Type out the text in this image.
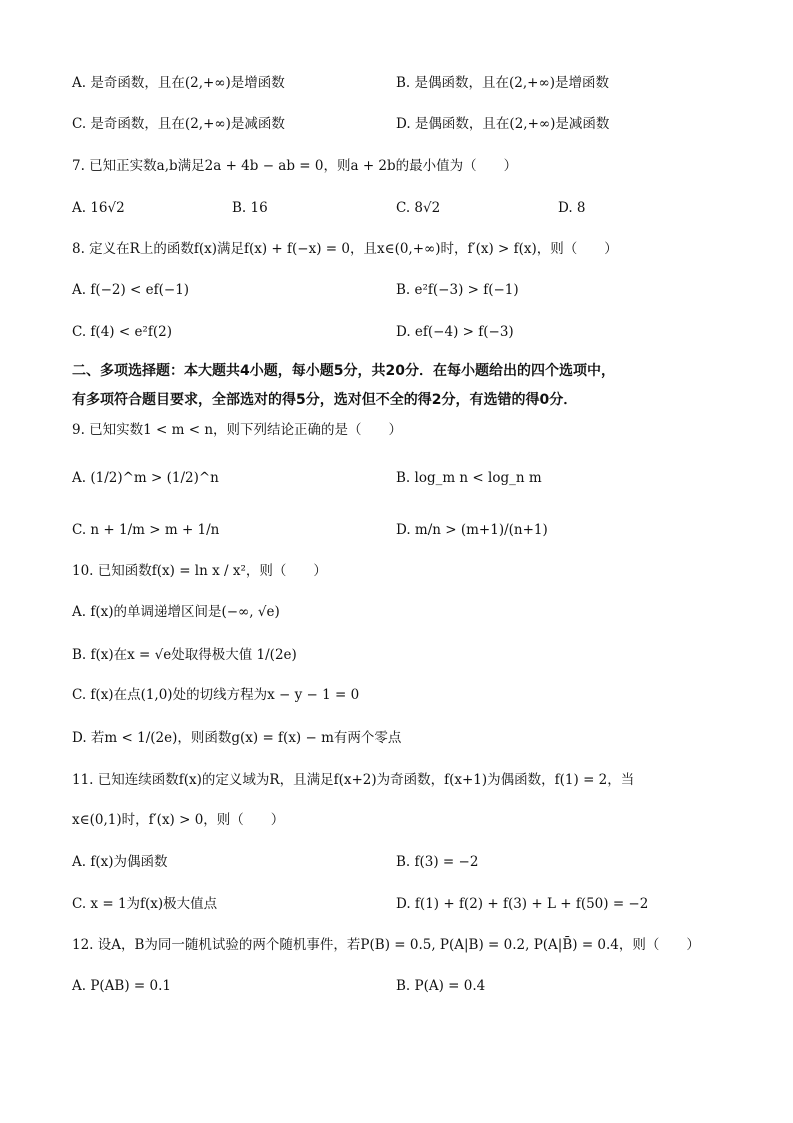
A. 是奇函数，且在(2,+∞)是增函数	B. 是偶函数，且在(2,+∞)是增函数
C. 是奇函数，且在(2,+∞)是减函数	D. 是偶函数，且在(2,+∞)是减函数
7. 已知正实数a,b满足2a + 4b − ab = 0，则a + 2b的最小值为（　　）
A. 16√2	B. 16	C. 8√2	D. 8
8. 定义在R上的函数f(x)满足f(x) + f(−x) = 0，且x∈(0,+∞)时，f′(x) > f(x)，则（　　）
A. f(−2) < ef(−1)	B. e²f(−3) > f(−1)
C. f(4) < e²f(2)	D. ef(−4) > f(−3)
二、多项选择题：本大题共4小题，每小题5分，共20分．在每小题给出的四个选项中，
有多项符合题目要求，全部选对的得5分，选对但不全的得2分，有选错的得0分．
9. 已知实数1 < m < n，则下列结论正确的是（　　）
A. (1/2)^m > (1/2)^n	B. log_m n < log_n m
C. n + 1/m > m + 1/n	D. m/n > (m+1)/(n+1)
10. 已知函数f(x) = ln x / x²，则（　　）
A. f(x)的单调递增区间是(−∞, √e)
B. f(x)在x = √e处取得极大值 1/(2e)
C. f(x)在点(1,0)处的切线方程为x − y − 1 = 0
D. 若m < 1/(2e)，则函数g(x) = f(x) − m有两个零点
11. 已知连续函数f(x)的定义域为R，且满足f(x+2)为奇函数，f(x+1)为偶函数，f(1) = 2，当
x∈(0,1)时，f′(x) > 0，则（　　）
A. f(x)为偶函数	B. f(3) = −2
C. x = 1为f(x)极大值点	D. f(1) + f(2) + f(3) + L + f(50) = −2
12. 设A，B为同一随机试验的两个随机事件，若P(B) = 0.5, P(A|B) = 0.2, P(A|B̄) = 0.4，则（　　）
A. P(AB) = 0.1	B. P(A) = 0.4
